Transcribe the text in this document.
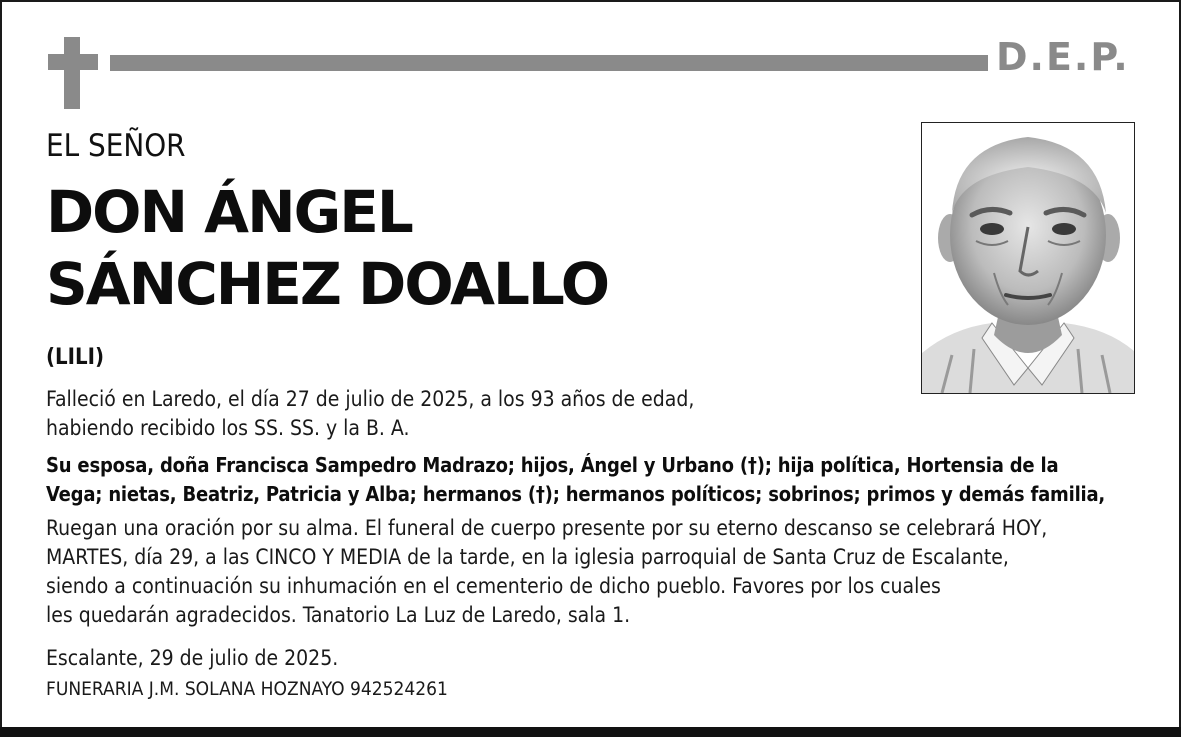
D.E.P.
EL SEÑOR
DON ÁNGEL
SÁNCHEZ DOALLO
(LILI)
Falleció en Laredo, el día 27 de julio de 2025, a los 93 años de edad,
habiendo recibido los SS. SS. y la B. A.
Su esposa, doña Francisca Sampedro Madrazo; hijos, Ángel y Urbano (†); hija política, Hortensia de la
Vega; nietas, Beatriz, Patricia y Alba; hermanos (†); hermanos políticos; sobrinos; primos y demás familia,
Ruegan una oración por su alma. El funeral de cuerpo presente por su eterno descanso se celebrará HOY,
MARTES, día 29, a las CINCO Y MEDIA de la tarde, en la iglesia parroquial de Santa Cruz de Escalante,
siendo a continuación su inhumación en el cementerio de dicho pueblo. Favores por los cuales
les quedarán agradecidos. Tanatorio La Luz de Laredo, sala 1.
Escalante, 29 de julio de 2025.
FUNERARIA J.M. SOLANA HOZNAYO 942524261
